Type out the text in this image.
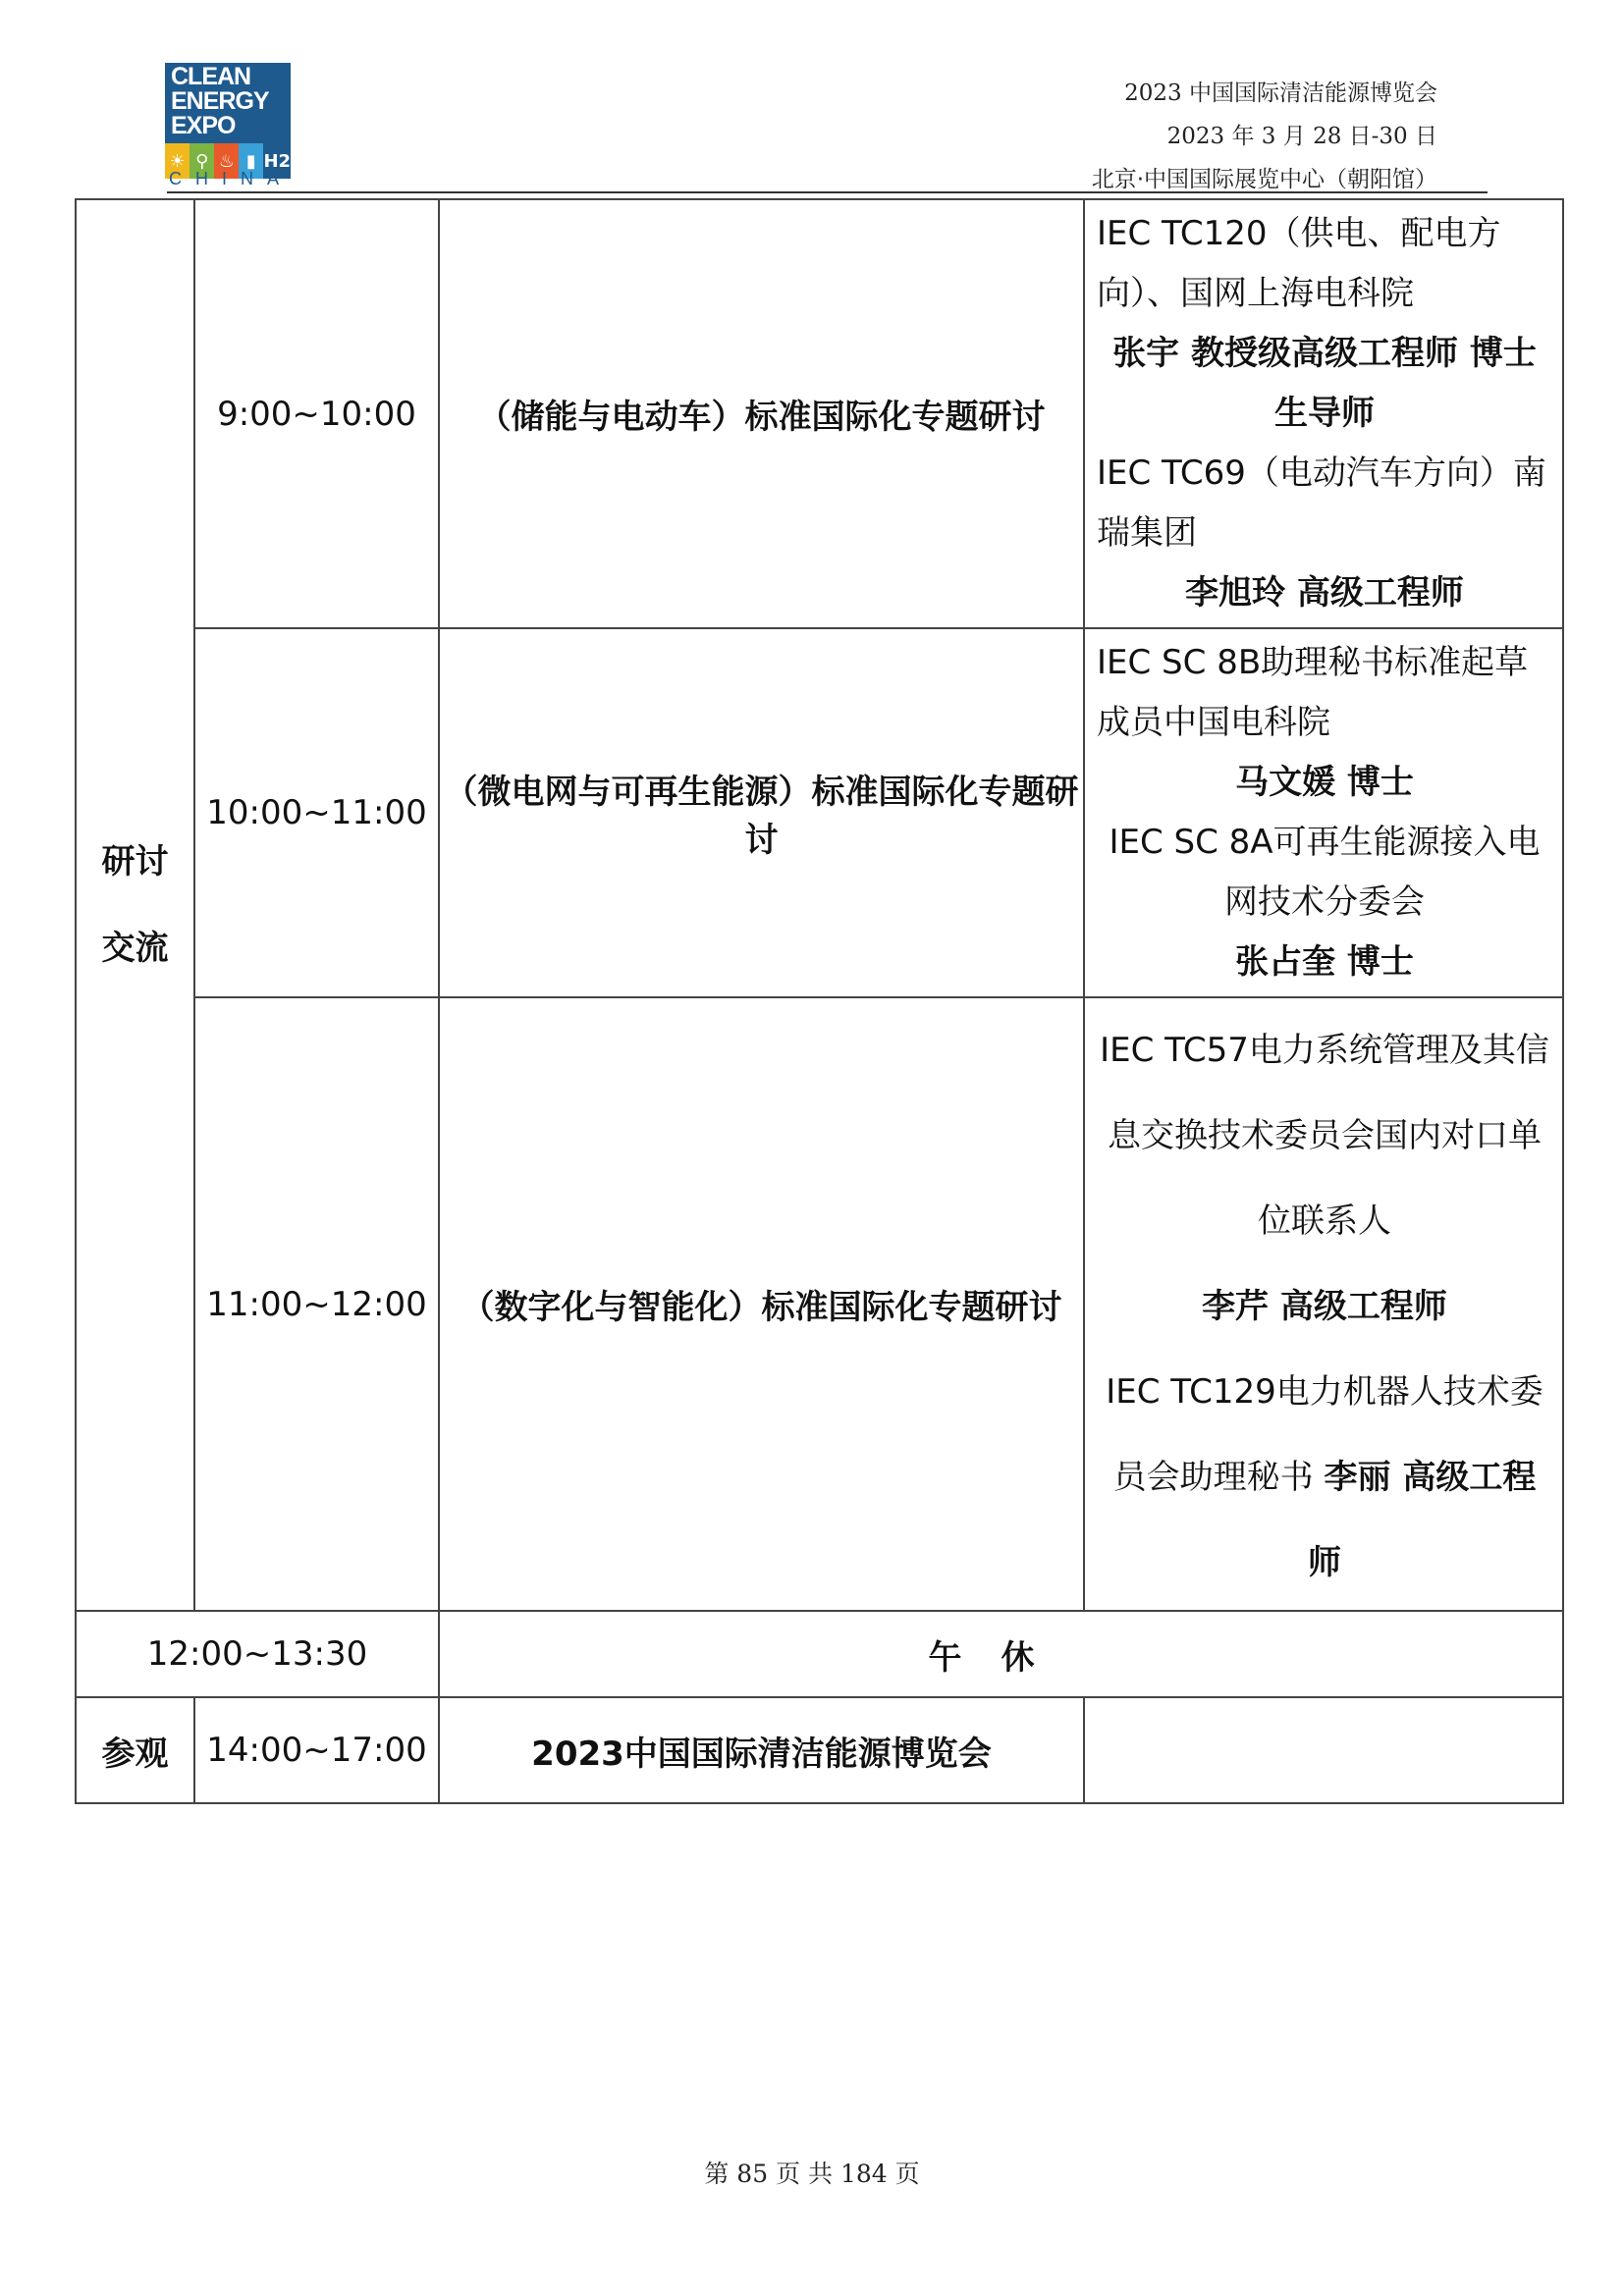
CLEAN
ENERGY
EXPO
☀ ⚲ ♨ ▮ H2
CHINA
2023 中国国际清洁能源博览会
2023 年 3 月 28 日-30 日
北京·中国国际展览中心（朝阳馆）
研讨交流	9:00~10:00	（储能与电动车）标准国际化专题研讨	IEC TC120（供电、配电方向）、国网上海电科院

张宇 教授级高级工程师 博士生导师

IEC TC69（电动汽车方向）南瑞集团

李旭玲 高级工程师

	10:00~11:00	（微电网与可再生能源）标准国际化专题研讨	IEC SC 8B助理秘书标准起草成员中国电科院

马文媛 博士

IEC SC 8A可再生能源接入电网技术分委会

张占奎 博士

	11:00~12:00	（数字化与智能化）标准国际化专题研讨	IEC TC57电力系统管理及其信息交换技术委员会国内对口单位联系人

李芹 高级工程师

IEC TC129电力机器人技术委员会助理秘书 李丽 高级工程师

12:00~13:30		午休	
参观	14:00~17:00	2023中国国际清洁能源博览会	
第 85 页 共 184 页
